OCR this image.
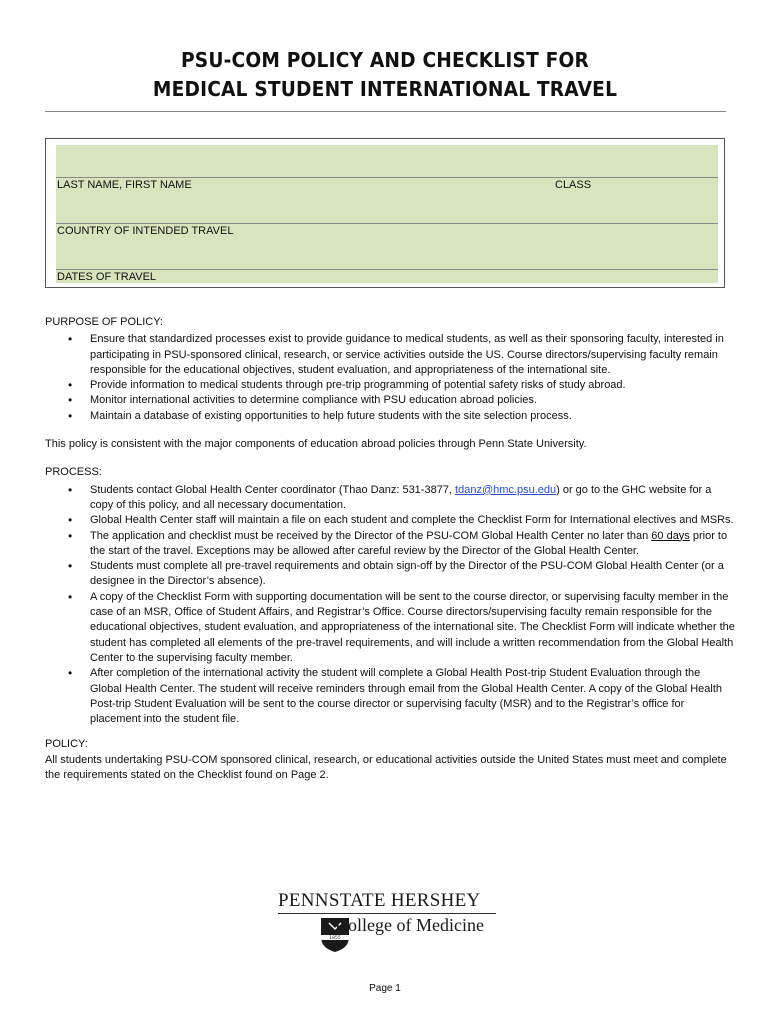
PSU-COM POLICY AND CHECKLIST FOR
MEDICAL STUDENT INTERNATIONAL TRAVEL
LAST NAME, FIRST NAME	CLASS
COUNTRY OF INTENDED TRAVEL
DATES OF TRAVEL

PURPOSE OF POLICY:

• Ensure that standardized processes exist to provide guidance to medical students, as well as their sponsoring faculty, interested in participating in PSU-sponsored clinical, research, or service activities outside the US. Course directors/supervising faculty remain responsible for the educational objectives, student evaluation, and appropriateness of the international site.
• Provide information to medical students through pre-trip programming of potential safety risks of study abroad.
• Monitor international activities to determine compliance with PSU education abroad policies.
• Maintain a database of existing opportunities to help future students with the site selection process.

This policy is consistent with the major components of education abroad policies through Penn State University.

PROCESS:

• Students contact Global Health Center coordinator (Thao Danz: 531-3877, tdanz@hmc.psu.edu) or go to the GHC website for a copy of this policy, and all necessary documentation.
• Global Health Center staff will maintain a file on each student and complete the Checklist Form for International electives and MSRs.
• The application and checklist must be received by the Director of the PSU-COM Global Health Center no later than 60 days prior to the start of the travel. Exceptions may be allowed after careful review by the Director of the Global Health Center.
• Students must complete all pre-travel requirements and obtain sign-off by the Director of the PSU-COM Global Health Center (or a designee in the Director’s absence).
• A copy of the Checklist Form with supporting documentation will be sent to the course director, or supervising faculty member in the case of an MSR, Office of Student Affairs, and Registrar’s Office. Course directors/supervising faculty remain responsible for the educational objectives, student evaluation, and appropriateness of the international site. The Checklist Form will indicate whether the student has completed all elements of the pre-travel requirements, and will include a written recommendation from the Global Health Center to the supervising faculty member.
• After completion of the international activity the student will complete a Global Health Post-trip Student Evaluation through the Global Health Center. The student will receive reminders through email from the Global Health Center. A copy of the Global Health Post-trip Student Evaluation will be sent to the course director or supervising faculty (MSR) and to the Registrar’s office for placement into the student file.

POLICY:

All students undertaking PSU-COM sponsored clinical, research, or educational activities outside the United States must meet and complete the requirements stated on the Checklist found on Page 2.

PENNSTATE HERSHEY
1855
College of Medicine
Page 1
